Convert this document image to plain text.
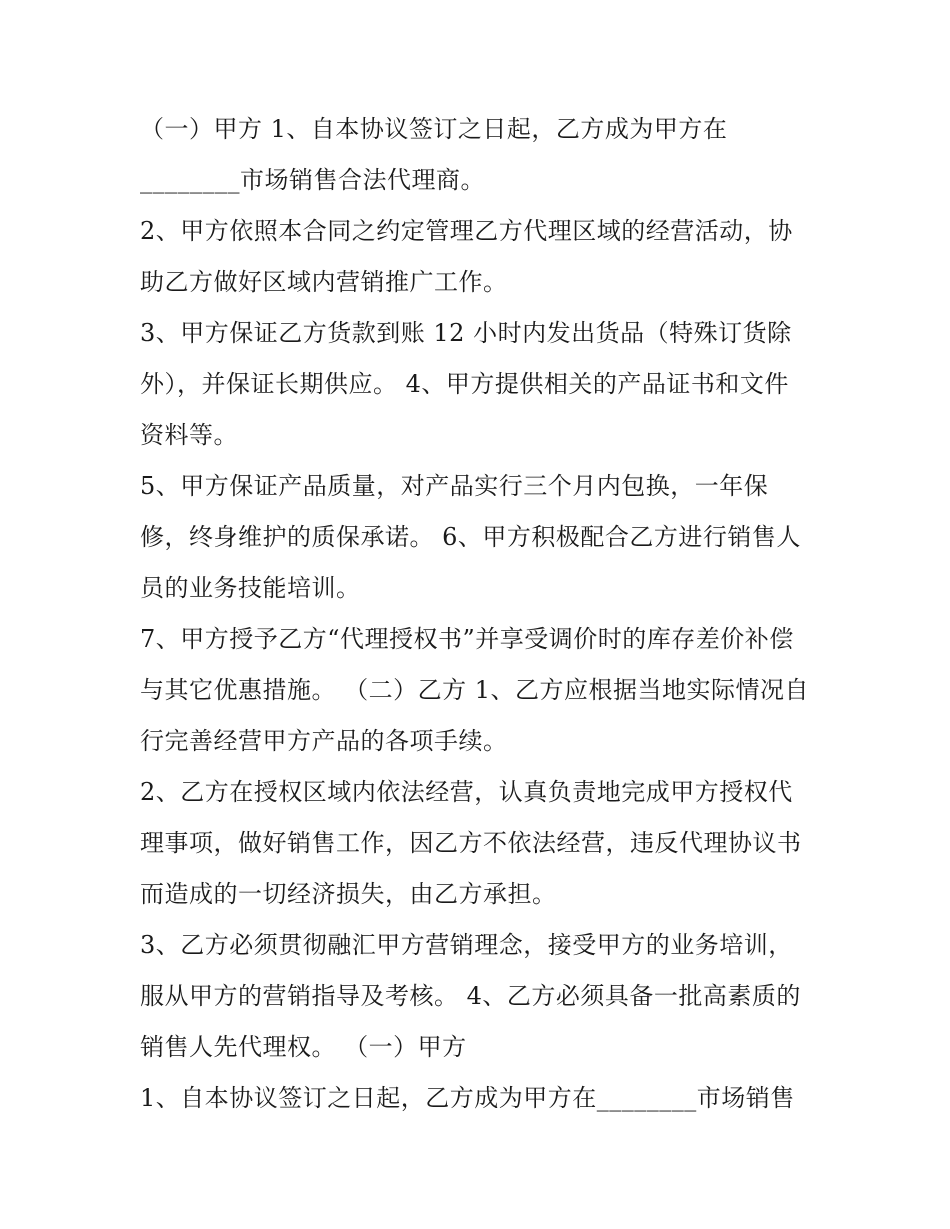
（一）甲方 1、自本协议签订之日起，乙方成为甲方在
________市场销售合法代理商。
2、甲方依照本合同之约定管理乙方代理区域的经营活动，协
助乙方做好区域内营销推广工作。
3、甲方保证乙方货款到账 12 小时内发出货品（特殊订货除
外），并保证长期供应。 4、甲方提供相关的产品证书和文件
资料等。
5、甲方保证产品质量，对产品实行三个月内包换，一年保
修，终身维护的质保承诺。 6、甲方积极配合乙方进行销售人
员的业务技能培训。
7、甲方授予乙方“代理授权书”并享受调价时的库存差价补偿
与其它优惠措施。 （二）乙方 1、乙方应根据当地实际情况自
行完善经营甲方产品的各项手续。
2、乙方在授权区域内依法经营，认真负责地完成甲方授权代
理事项，做好销售工作，因乙方不依法经营，违反代理协议书
而造成的一切经济损失，由乙方承担。
3、乙方必须贯彻融汇甲方营销理念，接受甲方的业务培训，
服从甲方的营销指导及考核。 4、乙方必须具备一批高素质的
销售人先代理权。 （一）甲方
1、自本协议签订之日起，乙方成为甲方在________市场销售
